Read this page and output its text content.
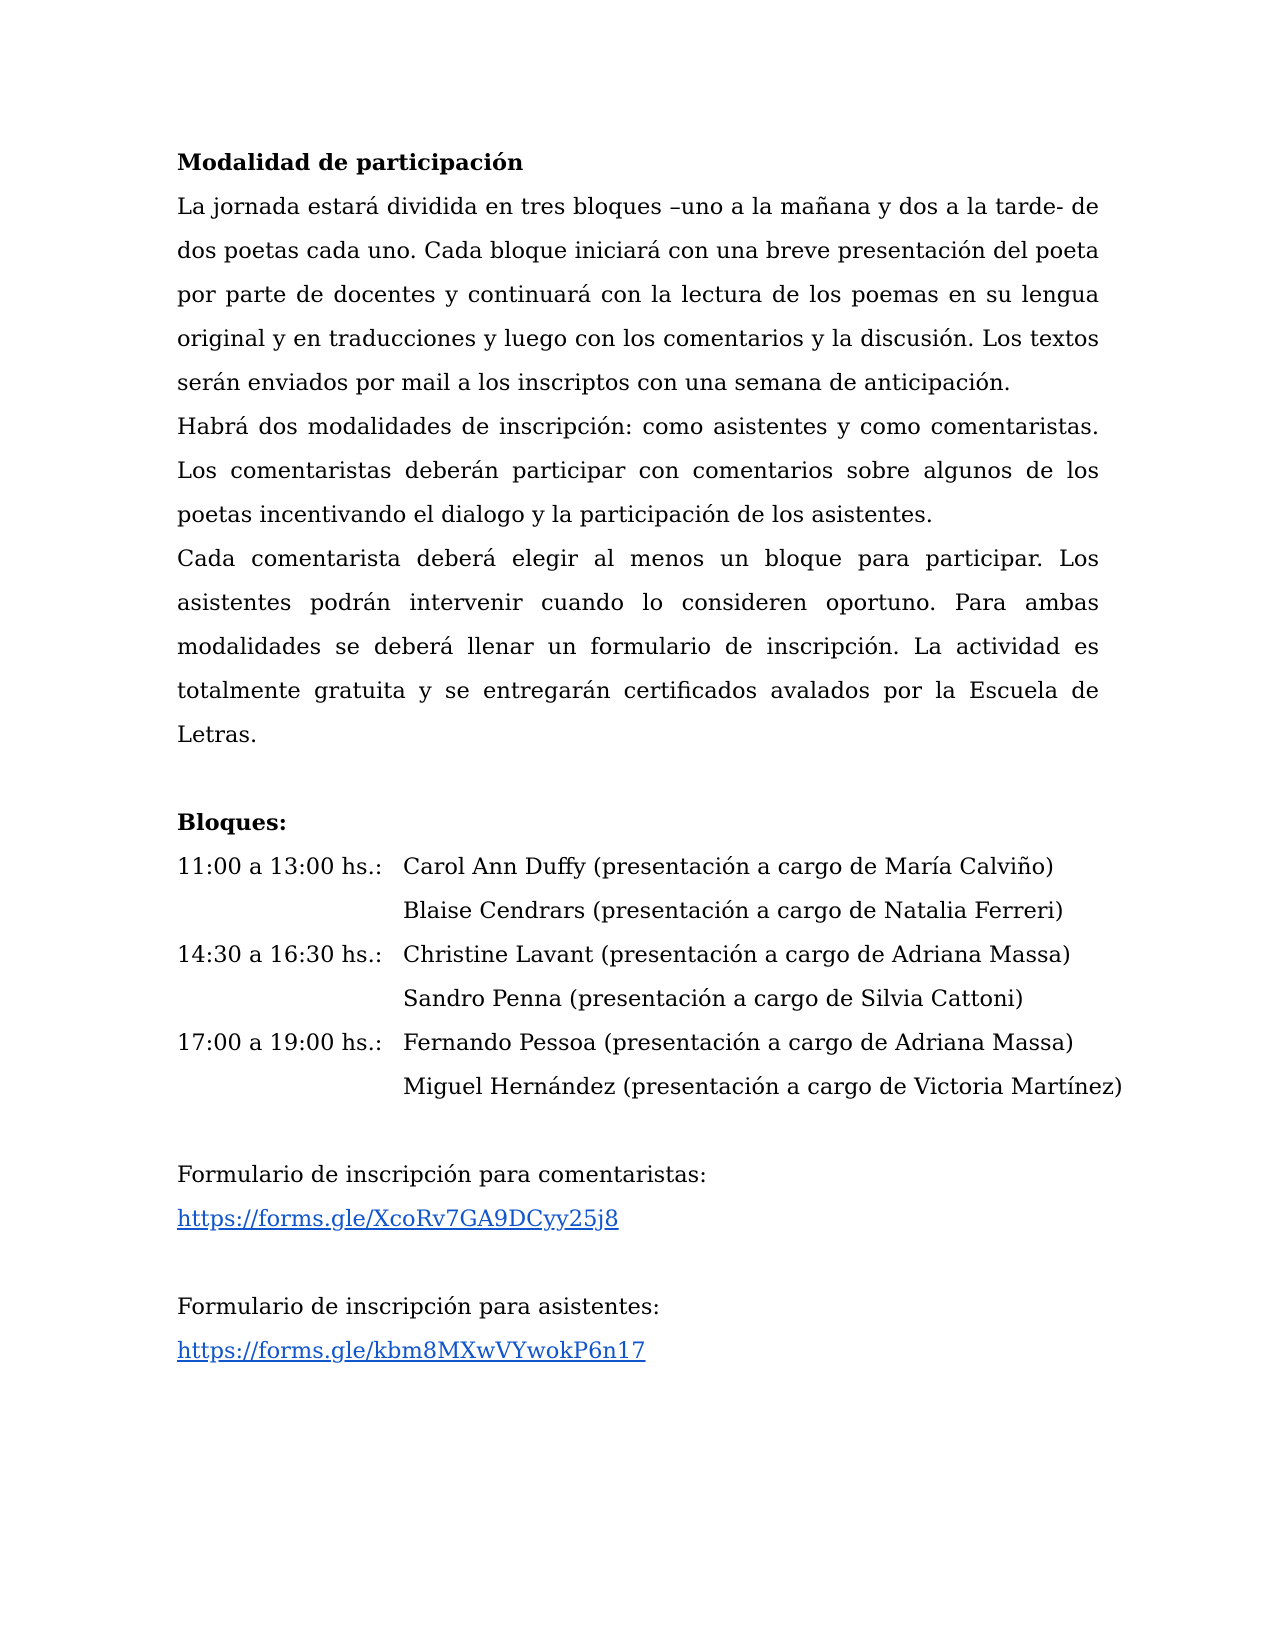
Modalidad de participación

La jornada estará dividida en tres bloques –uno a la mañana y dos a la tarde- de dos poetas cada uno. Cada bloque iniciará con una breve presentación del poeta por parte de docentes y continuará con la lectura de los poemas en su lengua original y en traducciones y luego con los comentarios y la discusión. Los textos serán enviados por mail a los inscriptos con una semana de anticipación.

Habrá dos modalidades de inscripción: como asistentes y como comentaristas. Los comentaristas deberán participar con comentarios sobre algunos de los poetas incentivando el dialogo y la participación de los asistentes.

Cada comentarista deberá elegir al menos un bloque para participar. Los asistentes podrán intervenir cuando lo consideren oportuno. Para ambas modalidades se deberá llenar un formulario de inscripción. La actividad es totalmente gratuita y se entregarán certificados avalados por la Escuela de Letras.

Bloques:

11:00 a 13:00 hs.: Carol Ann Duffy (presentación a cargo de María Calviño)
Blaise Cendrars (presentación a cargo de Natalia Ferreri)
14:30 a 16:30 hs.: Christine Lavant (presentación a cargo de Adriana Massa)
Sandro Penna (presentación a cargo de Silvia Cattoni)
17:00 a 19:00 hs.: Fernando Pessoa (presentación a cargo de Adriana Massa)
Miguel Hernández (presentación a cargo de Victoria Martínez)

Formulario de inscripción para comentaristas:

https://forms.gle/XcoRv7GA9DCyy25j8

Formulario de inscripción para asistentes:

https://forms.gle/kbm8MXwVYwokP6n17
